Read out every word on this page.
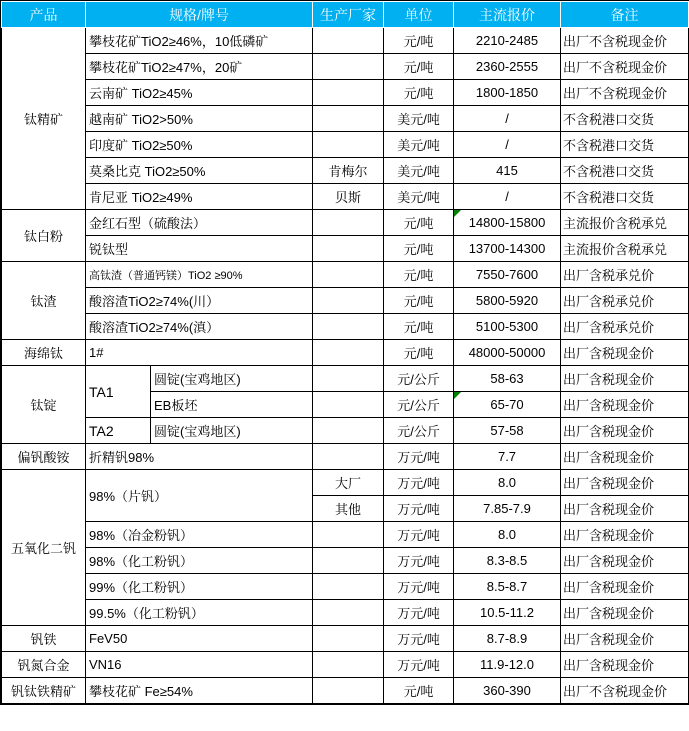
产品	规格/牌号		生产厂家	单位	主流报价	备注
钛精矿	攀枝花矿TiO2≥46%，10低磷矿			元/吨	2210-2485	出厂不含税现金价
	攀枝花矿TiO2≥47%，20矿			元/吨	2360-2555	出厂不含税现金价
	云南矿 TiO2≥45%			元/吨	1800-1850	出厂不含税现金价
	越南矿 TiO2>50%			美元/吨	/	不含税港口交货
	印度矿 TiO2≥50%			美元/吨	/	不含税港口交货
	莫桑比克 TiO2≥50%		肯梅尔	美元/吨	415	不含税港口交货
	肯尼亚 TiO2≥49%		贝斯	美元/吨	/	不含税港口交货
钛白粉	金红石型（硫酸法）			元/吨	14800-15800	主流报价含税承兑
	锐钛型			元/吨	13700-14300	主流报价含税承兑
钛渣	高钛渣（普通钙镁）TiO2 ≥90%			元/吨	7550-7600	出厂含税承兑价
	酸溶渣TiO2≥74%(川）			元/吨	5800-5920	出厂含税承兑价
	酸溶渣TiO2≥74%(滇）			元/吨	5100-5300	出厂含税承兑价
海绵钛	1#			元/吨	48000-50000	出厂含税现金价
钛锭	TA1	圆锭(宝鸡地区)		元/公斤	58-63	出厂含税现金价
		EB板坯		元/公斤	65-70	出厂含税现金价
	TA2	圆锭(宝鸡地区)		元/公斤	57-58	出厂含税现金价
偏钒酸铵	折精钒98%			万元/吨	7.7	出厂含税现金价
五氧化二钒	98%（片钒）		大厂	万元/吨	8.0	出厂含税现金价
			其他	万元/吨	7.85-7.9	出厂含税现金价
	98%（冶金粉钒）			万元/吨	8.0	出厂含税现金价
	98%（化工粉钒）			万元/吨	8.3-8.5	出厂含税现金价
	99%（化工粉钒）			万元/吨	8.5-8.7	出厂含税现金价
	99.5%（化工粉钒）			万元/吨	10.5-11.2	出厂含税现金价
钒铁	FeV50			万元/吨	8.7-8.9	出厂含税现金价
钒氮合金	VN16			万元/吨	11.9-12.0	出厂含税现金价
钒钛铁精矿	攀枝花矿 Fe≥54%			元/吨	360-390	出厂不含税现金价
